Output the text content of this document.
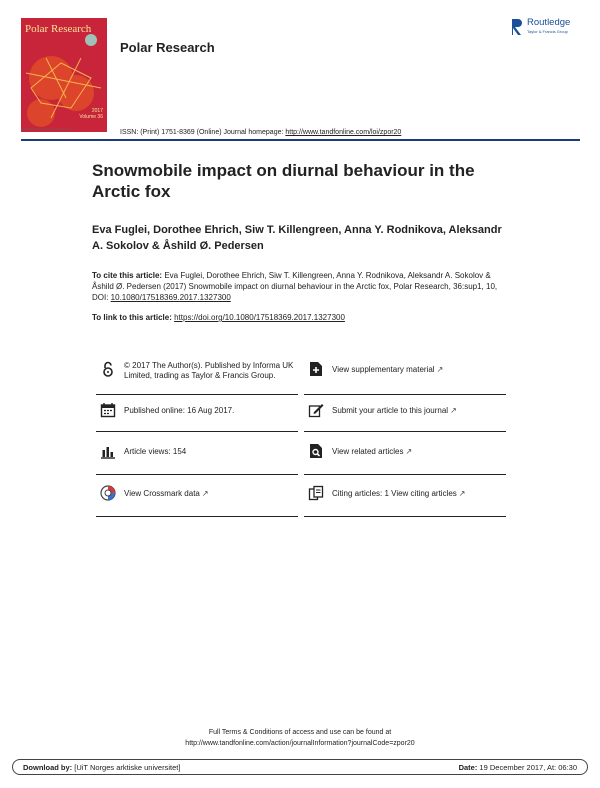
Polar Research
2017
Volume 36
Supplement 1 Arctic fox special issue
Polar Research
Routledge
Taylor & Francis Group
ISSN: (Print) 1751-8369 (Online) Journal homepage: http://www.tandfonline.com/loi/zpor20
Snowmobile impact on diurnal behaviour in the Arctic fox
Eva Fuglei, Dorothee Ehrich, Siw T. Killengreen, Anna Y. Rodnikova, Aleksandr A. Sokolov & Åshild Ø. Pedersen
To cite this article: Eva Fuglei, Dorothee Ehrich, Siw T. Killengreen, Anna Y. Rodnikova, Aleksandr A. Sokolov & Åshild Ø. Pedersen (2017) Snowmobile impact on diurnal behaviour in the Arctic fox, Polar Research, 36:sup1, 10, DOI: 10.1080/17518369.2017.1327300
To link to this article: https://doi.org/10.1080/17518369.2017.1327300
© 2017 The Author(s). Published by Informa UK Limited, trading as Taylor & Francis Group.
View supplementary material ↗
Published online: 16 Aug 2017.	Submit your article to this journal ↗
Article views: 154	View related articles ↗
View Crossmark data ↗	Citing articles: 1 View citing articles ↗
Full Terms & Conditions of access and use can be found at
http://www.tandfonline.com/action/journalInformation?journalCode=zpor20
Download by: [UiT Norges arktiske universitet]	Date: 19 December 2017, At: 06:30
